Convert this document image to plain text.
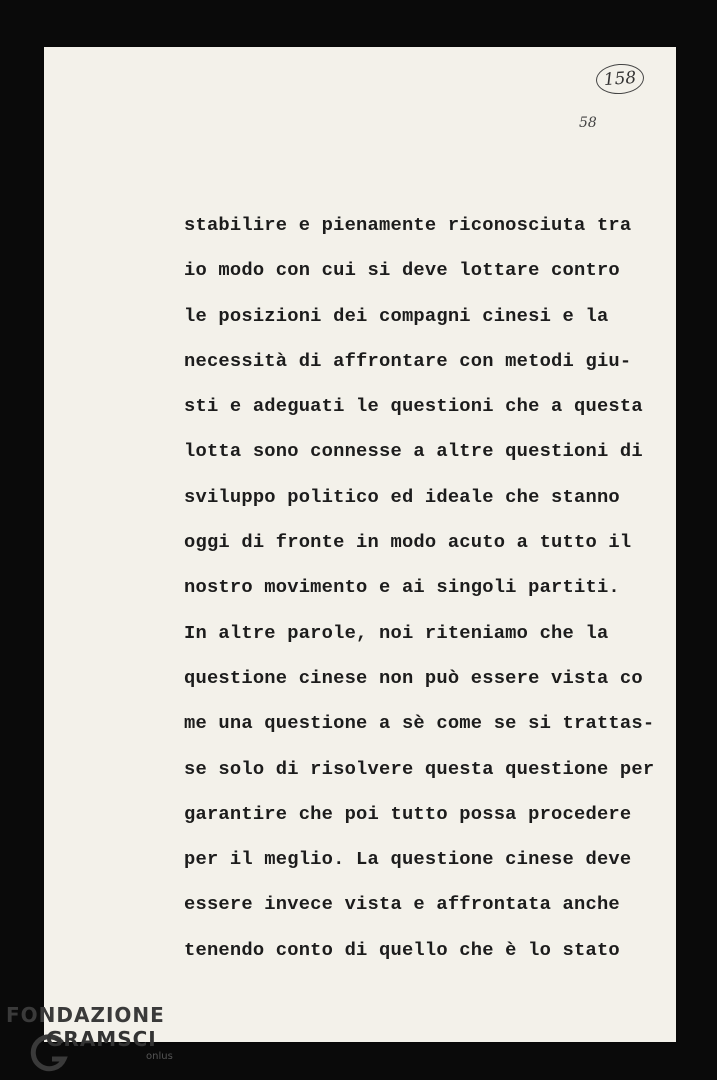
158
58
stabilire e pienamente riconosciuta tra
io modo con cui si deve lottare contro
le posizioni dei compagni cinesi e la
necessità di affrontare con metodi giu-
sti e adeguati le questioni che a questa
lotta sono connesse a altre questioni di
sviluppo politico ed ideale che stanno
oggi di fronte in modo acuto a tutto il
nostro movimento e ai singoli partiti.
In altre parole, noi riteniamo che la
questione cinese non può essere vista co
me una questione a sè come se si trattas-
se solo di risolvere questa questione per
garantire che poi tutto possa procedere
per il meglio. La questione cinese deve
essere invece vista e affrontata anche
tenendo conto di quello che è lo stato
FONDAZIONE
GRAMSCI
onlus
